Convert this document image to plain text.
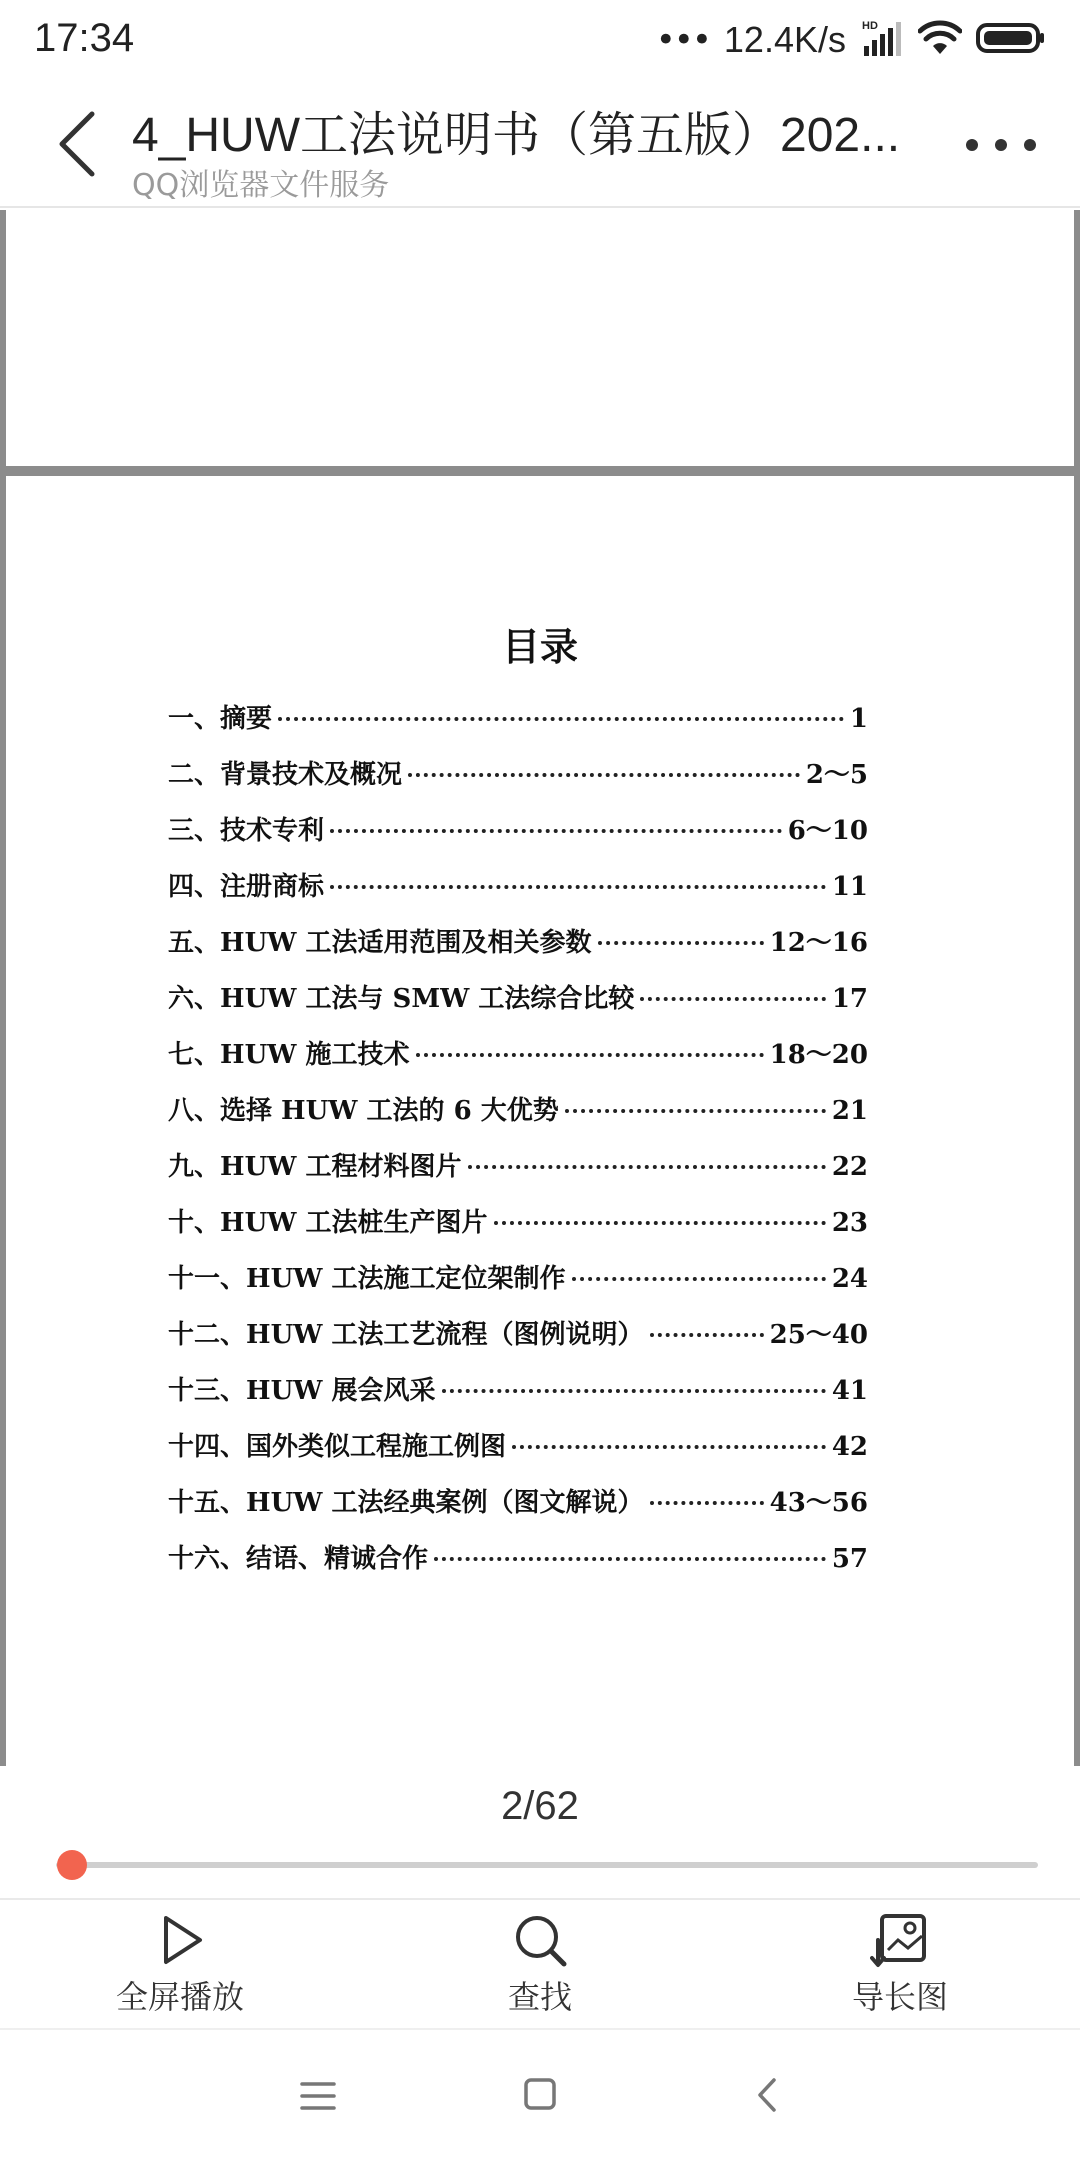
17:34	••• 12.4K/s HD
4_HUW工法说明书（第五版）202...
QQ浏览器文件服务
目录
一、摘要	1
二、背景技术及概况	2～5
三、技术专利	6～10
四、注册商标	11
五、HUW 工法适用范围及相关参数	12～16
六、HUW 工法与 SMW 工法综合比较	17
七、HUW 施工技术	18～20
八、选择 HUW 工法的 6 大优势	21
九、HUW 工程材料图片	22
十、HUW 工法桩生产图片	23
十一、HUW 工法施工定位架制作	24
十二、HUW 工法工艺流程（图例说明）	25～40
十三、HUW 展会风采	41
十四、国外类似工程施工例图	42
十五、HUW 工法经典案例（图文解说）	43～56
十六、结语、精诚合作	57
2/62
全屏播放	查找	导长图
